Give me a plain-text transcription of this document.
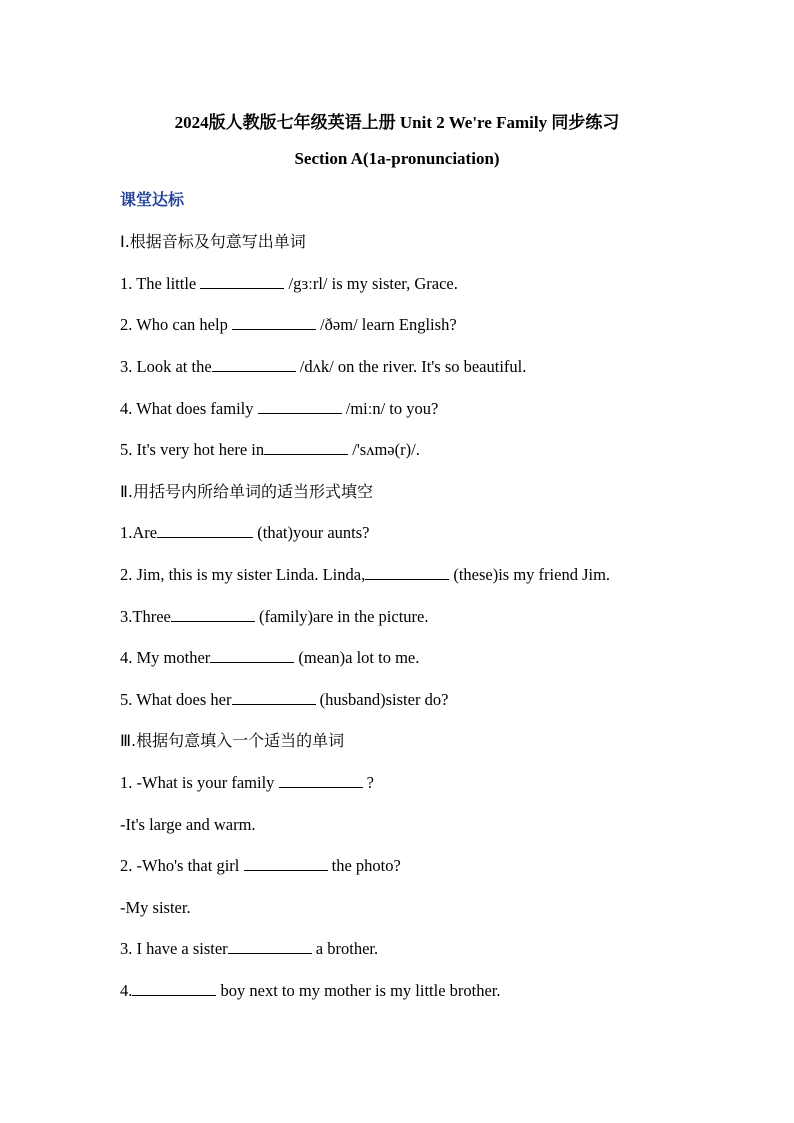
2024版人教版七年级英语上册 Unit 2 We're Family 同步练习
Section A(1a-pronunciation)
课堂达标
I.根据音标及句意写出单词
1. The little	/gɜːrl/ is my sister, Grace.
2. Who can help	/ðəm/ learn English?
3. Look at the	/dʌk/ on the river. It's so beautiful.
4. What does family	/miːn/ to you?
5. It's very hot here in	/'sʌmə(r)/.
Ⅱ.用括号内所给单词的适当形式填空
1.Are	(that)your aunts?
2. Jim, this is my sister Linda. Linda,	(these)is my friend Jim.
3.Three	(family)are in the picture.
4. My mother	(mean)a lot to me.
5. What does her	(husband)sister do?
Ⅲ.根据句意填入一个适当的单词
1. -What is your family	?
-It's large and warm.
2. -Who's that girl	the photo?
-My sister.
3. I have a sister	a brother.
4.	boy next to my mother is my little brother.
